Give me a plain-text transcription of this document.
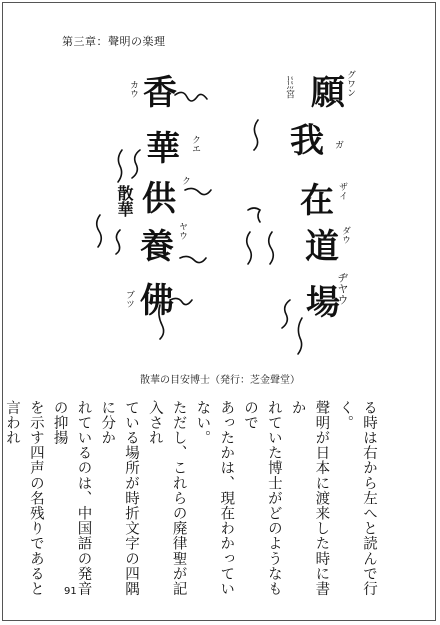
第三章：聲明の楽理
香
カウ
華 クエ
散華 供 ク
養 ヤウ
佛
ブツ
願 グワン
ﾆﾆﾐ宮
我 ガ
在 ザイ
道 ダウ
場
ヂヤウ
散華の目安博士（発行：芝金聲堂）
る時は右から左へと読んで行く。
聲明が日本に渡来した時に書か
れていた博士がどのようなもので
あったかは、現在わかっていない。
ただし、これらの廃律聖が記入され
ている場所が時折文字の四隅に分か
れているのは、中国語の発音の抑揚
を示す四声の名残りであると言われ
91
